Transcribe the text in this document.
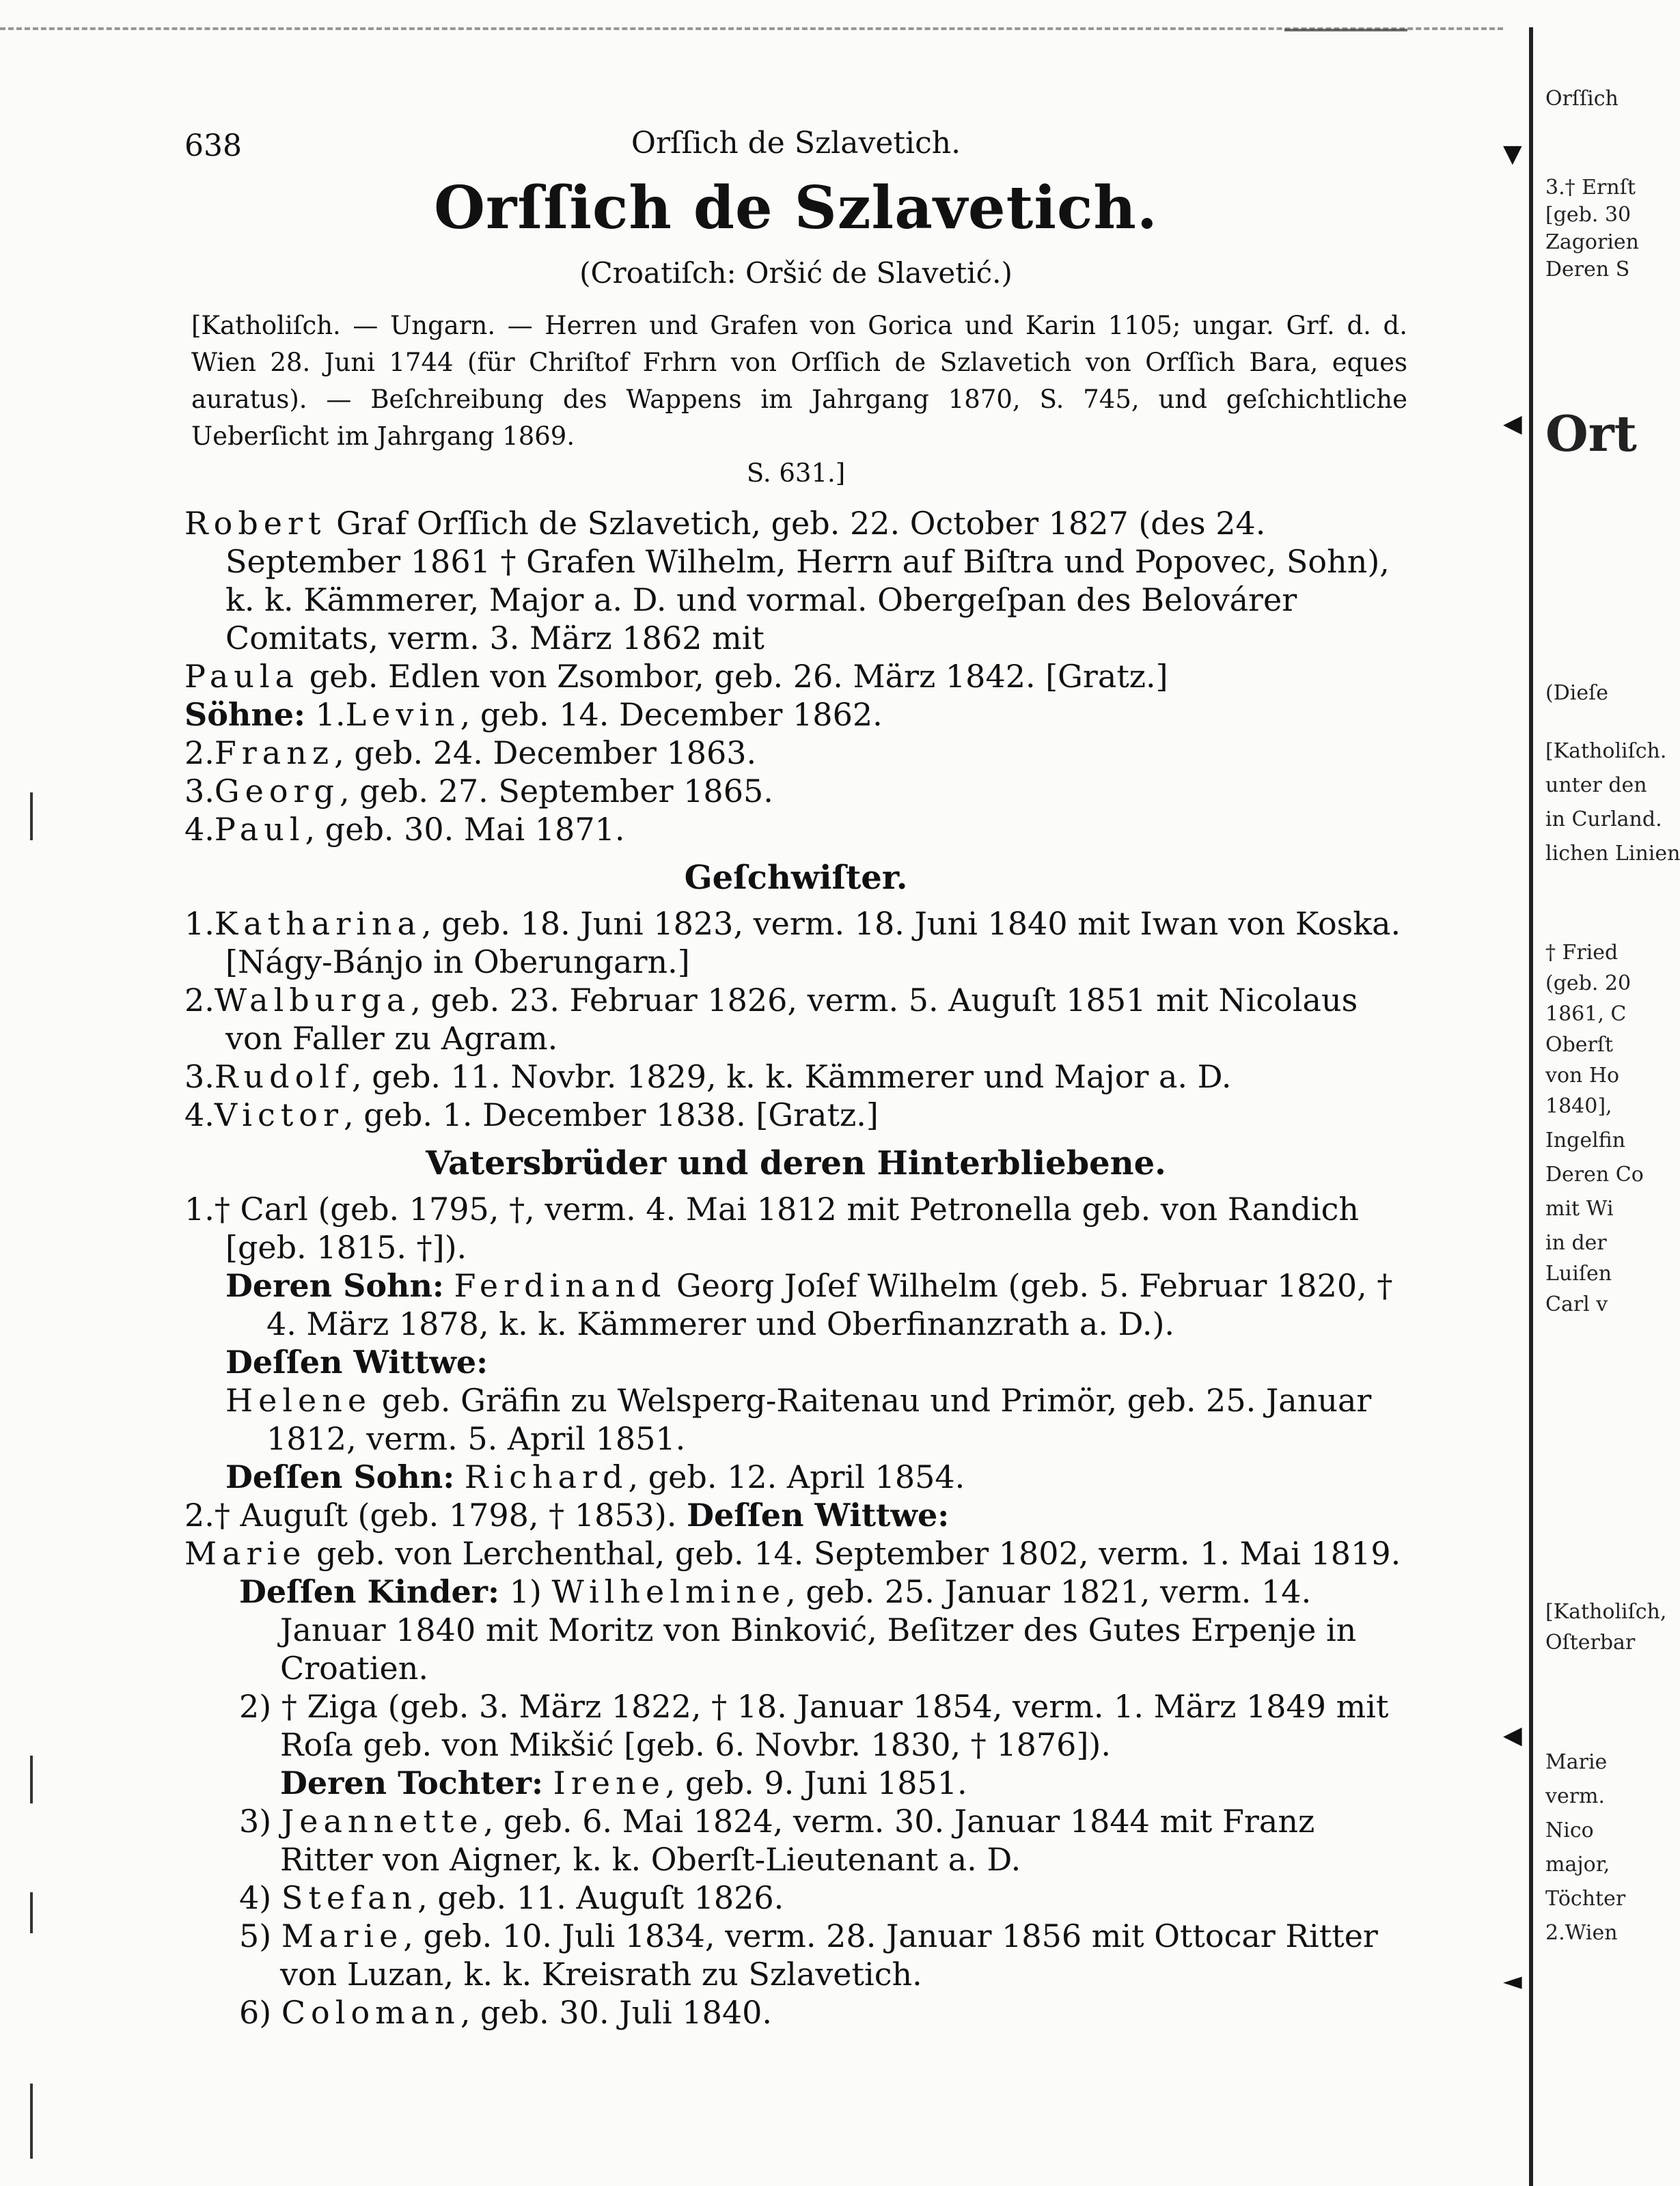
638	Orſſich de Szlavetich.
Orſſich de Szlavetich.
(Croatiſch: Oršić de Slavetić.)
[Katholiſch. — Ungarn. — Herren und Grafen von Gorica und Karin 1105; ungar. Grf. d. d. Wien 28. Juni 1744 (für Chriſtof Frhrn von Orſſich de Szlavetich von Orſſich Bara, eques auratus). — Beſchreibung des Wappens im Jahrgang 1870, S. 745, und geſchichtliche Ueberſicht im Jahrgang 1869.
S. 631.]

Robert Graf Orſſich de Szlavetich, geb. 22. October 1827 (des 24. September 1861 † Grafen Wilhelm, Herrn auf Biſtra und Popovec, Sohn), k. k. Kämmerer, Major a. D. und vormal. Obergeſpan des Belovárer Comitats, verm. 3. März 1862 mit

Paula geb. Edlen von Zsombor, geb. 26. März 1842. [Gratz.]

Söhne: 1.Levin, geb. 14. December 1862.

2.Franz, geb. 24. December 1863.

3.Georg, geb. 27. September 1865.

4.Paul, geb. 30. Mai 1871.

Geſchwiſter.

1.Katharina, geb. 18. Juni 1823, verm. 18. Juni 1840 mit Iwan von Koska. [Nágy-Bánjo in Oberungarn.]

2.Walburga, geb. 23. Februar 1826, verm. 5. Auguſt 1851 mit Nicolaus von Faller zu Agram.

3.Rudolf, geb. 11. Novbr. 1829, k. k. Kämmerer und Major a. D.

4.Victor, geb. 1. December 1838. [Gratz.]

Vatersbrüder und deren Hinterbliebene.

1.† Carl (geb. 1795, †, verm. 4. Mai 1812 mit Petronella geb. von Randich [geb. 1815. †]).

Deren Sohn: Ferdinand Georg Joſef Wilhelm (geb. 5. Februar 1820, † 4. März 1878, k. k. Kämmerer und Oberfinanzrath a. D.).

Deſſen Wittwe:

Helene geb. Gräfin zu Welsperg-Raitenau und Primör, geb. 25. Januar 1812, verm. 5. April 1851.

Deſſen Sohn: Richard, geb. 12. April 1854.

2.† Auguſt (geb. 1798, † 1853). Deſſen Wittwe:

Marie geb. von Lerchenthal, geb. 14. September 1802, verm. 1. Mai 1819.

Deſſen Kinder: 1) Wilhelmine, geb. 25. Januar 1821, verm. 14. Januar 1840 mit Moritz von Binković, Beſitzer des Gutes Erpenje in Croatien.

2) † Ziga (geb. 3. März 1822, † 18. Januar 1854, verm. 1. März 1849 mit Roſa geb. von Mikšić [geb. 6. Novbr. 1830, † 1876]).

Deren Tochter: Irene, geb. 9. Juni 1851.

3) Jeannette, geb. 6. Mai 1824, verm. 30. Januar 1844 mit Franz Ritter von Aigner, k. k. Oberſt-Lieutenant a. D.

4) Stefan, geb. 11. Auguſt 1826.

5) Marie, geb. 10. Juli 1834, verm. 28. Januar 1856 mit Ottocar Ritter von Luzan, k. k. Kreisrath zu Szlavetich.

6) Coloman, geb. 30. Juli 1840.

Orſſich
3.† Ernſt
[geb. 30
Zagorien
Deren S
Ort
(Dieſe
[Katholiſch.
unter den
in Curland.
lichen Linien
† Fried
(geb. 20
1861, C
Oberſt
von Ho
1840],
Ingelfin
Deren Co
mit Wi
in der
Luiſen
Carl v
[Katholiſch,
Oſterbar
Marie
verm.
Nico
major,
Töchter
2.Wien
▼
◀
◀
◄
